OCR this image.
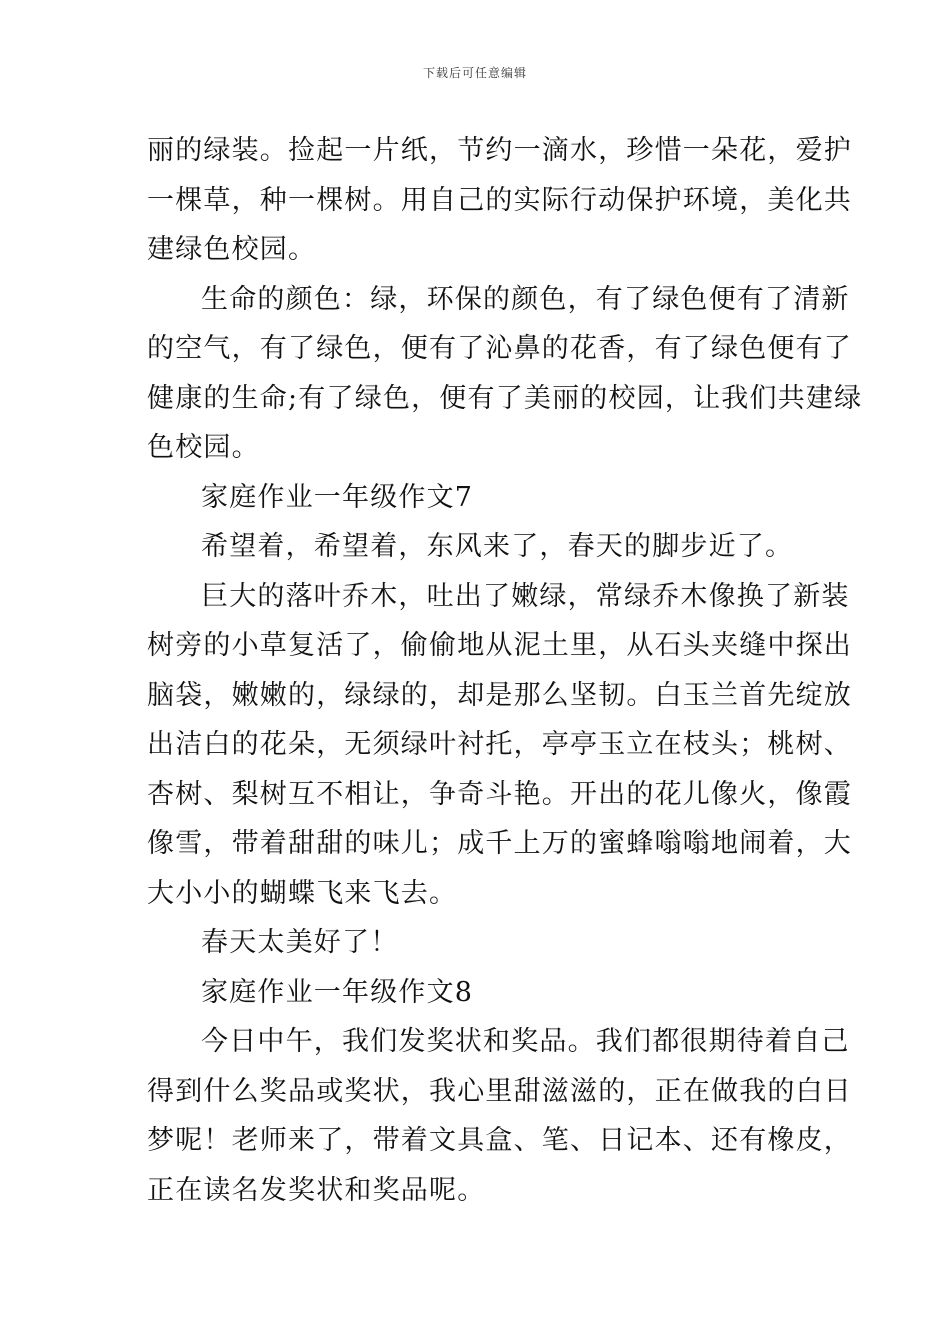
下载后可任意编辑

丽的绿装。捡起一片纸，节约一滴水，珍惜一朵花，爱护
一棵草，种一棵树。用自己的实际行动保护环境，美化共
建绿色校园。

生命的颜色：绿，环保的颜色，有了绿色便有了清新
的空气，有了绿色，便有了沁鼻的花香，有了绿色便有了
健康的生命;有了绿色，便有了美丽的校园，让我们共建绿
色校园。

家庭作业一年级作文7

希望着，希望着，东风来了，春天的脚步近了。

巨大的落叶乔木，吐出了嫩绿，常绿乔木像换了新装
树旁的小草复活了，偷偷地从泥土里，从石头夹缝中探出
脑袋，嫩嫩的，绿绿的，却是那么坚韧。白玉兰首先绽放
出洁白的花朵，无须绿叶衬托，亭亭玉立在枝头；桃树、
杏树、梨树互不相让，争奇斗艳。开出的花儿像火，像霞
像雪，带着甜甜的味儿；成千上万的蜜蜂嗡嗡地闹着，大
大小小的蝴蝶飞来飞去。

春天太美好了！

家庭作业一年级作文8

今日中午，我们发奖状和奖品。我们都很期待着自己
得到什么奖品或奖状，我心里甜滋滋的，正在做我的白日
梦呢！老师来了，带着文具盒、笔、日记本、还有橡皮，
正在读名发奖状和奖品呢。
